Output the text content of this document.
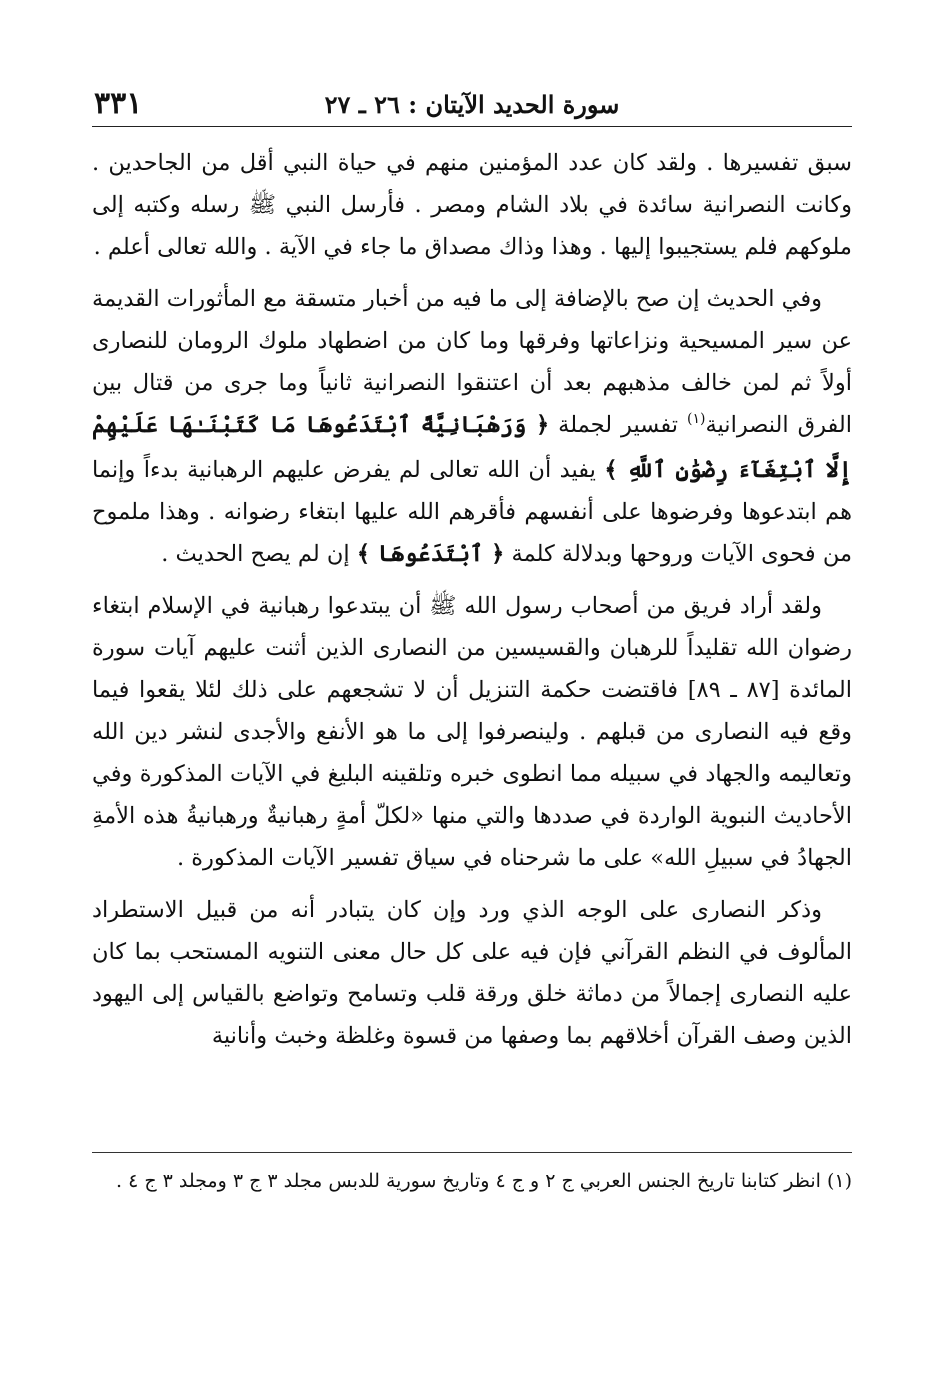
سورة الحديد الآيتان : ٢٦ ـ ٢٧
٣٣١

سبق تفسيرها . ولقد كان عدد المؤمنين منهم في حياة النبي أقل من الجاحدين . وكانت النصرانية سائدة في بلاد الشام ومصر . فأرسل النبي ﷺ رسله وكتبه إلى ملوكهم فلم يستجيبوا إليها . وهذا وذاك مصداق ما جاء في الآية . والله تعالى أعلم .

وفي الحديث إن صح بالإضافة إلى ما فيه من أخبار متسقة مع المأثورات القديمة عن سير المسيحية ونزاعاتها وفرقها وما كان من اضطهاد ملوك الرومان للنصارى أولاً ثم لمن خالف مذهبهم بعد أن اعتنقوا النصرانية ثانياً وما جرى من قتال بين الفرق النصرانية$^{(١)}$ تفسير لجملة ﴿ وَرَهْبَانِيَّةً ٱبْتَدَعُوهَا مَا كَتَبْنَـٰهَا عَلَيْهِمْ إِلَّا ٱبْتِغَآءَ رِضْوَٰنِ ٱللَّهِ ﴾ يفيد أن الله تعالى لم يفرض عليهم الرهبانية بدءاً وإنما هم ابتدعوها وفرضوها على أنفسهم فأقرهم الله عليها ابتغاء رضوانه . وهذا ملموح من فحوى الآيات وروحها وبدلالة كلمة ﴿ ٱبْتَدَعُوهَا ﴾ إن لم يصح الحديث .

ولقد أراد فريق من أصحاب رسول الله ﷺ أن يبتدعوا رهبانية في الإسلام ابتغاء رضوان الله تقليداً للرهبان والقسيسين من النصارى الذين أثنت عليهم آيات سورة المائدة [٨٧ ـ ٨٩] فاقتضت حكمة التنزيل أن لا تشجعهم على ذلك لئلا يقعوا فيما وقع فيه النصارى من قبلهم . ولينصرفوا إلى ما هو الأنفع والأجدى لنشر دين الله وتعاليمه والجهاد في سبيله مما انطوى خبره وتلقينه البليغ في الآيات المذكورة وفي الأحاديث النبوية الواردة في صددها والتي منها «لكلّ أمةٍ رهبانيةٌ ورهبانيةُ هذه الأمةِ الجهادُ في سبيلِ الله» على ما شرحناه في سياق تفسير الآيات المذكورة .

وذكر النصارى على الوجه الذي ورد وإن كان يتبادر أنه من قبيل الاستطراد المألوف في النظم القرآني فإن فيه على كل حال معنى التنويه المستحب بما كان عليه النصارى إجمالاً من دماثة خلق ورقة قلب وتسامح وتواضع بالقياس إلى اليهود الذين وصف القرآن أخلاقهم بما وصفها من قسوة وغلظة وخبث وأنانية

(١) انظر كتابنا تاريخ الجنس العربي ج ٢ و ج ٤ وتاريخ سورية للدبس مجلد ٣ ج ٣ ومجلد ٣ ج ٤ .
